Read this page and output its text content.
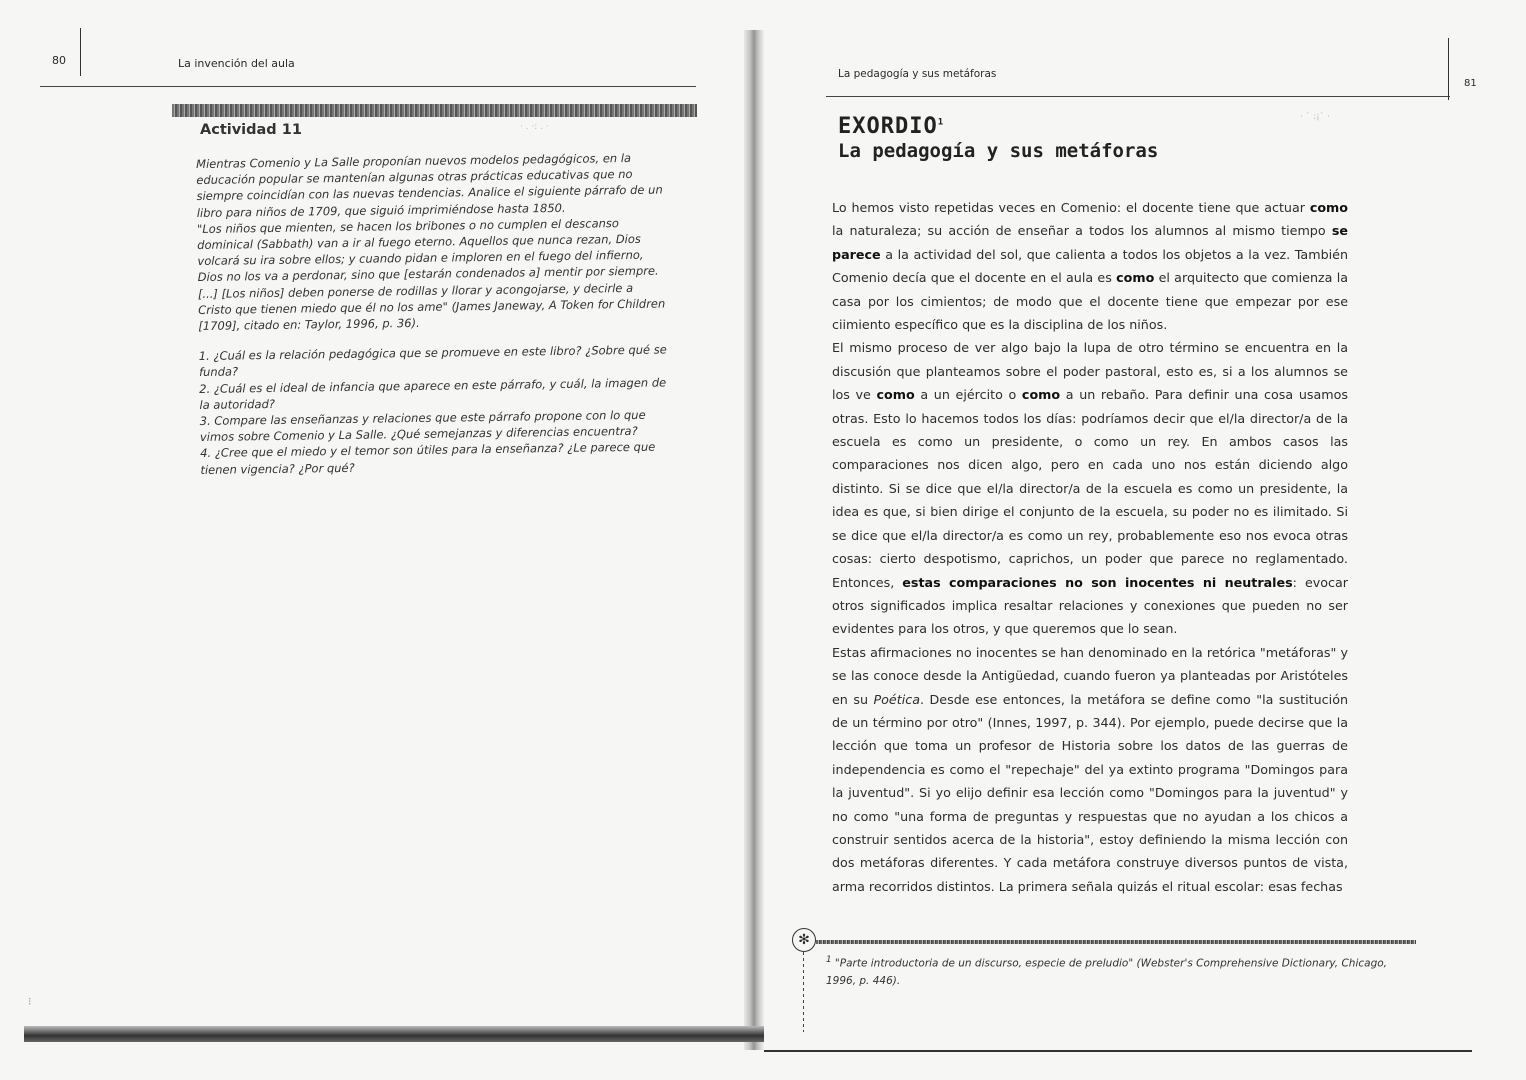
80	La invención del aula
Actividad 11

Mientras Comenio y La Salle proponían nuevos modelos pedagógicos, en la educación popular se mantenían algunas otras prácticas educativas que no siempre coincidían con las nuevas tendencias. Analice el siguiente párrafo de un libro para niños de 1709, que siguió imprimiéndose hasta 1850.

"Los niños que mienten, se hacen los bribones o no cumplen el descanso dominical (Sabbath) van a ir al fuego eterno. Aquellos que nunca rezan, Dios volcará su ira sobre ellos; y cuando pidan e imploren en el fuego del infierno, Dios no los va a perdonar, sino que [estarán condenados a] mentir por siempre. [...] [Los niños] deben ponerse de rodillas y llorar y acongojarse, y decirle a Cristo que tienen miedo que él no los ame" (James Janeway, A Token for Children [1709], citado en: Taylor, 1996, p. 36).

1. ¿Cuál es la relación pedagógica que se promueve en este libro? ¿Sobre qué se funda?

2. ¿Cuál es el ideal de infancia que aparece en este párrafo, y cuál, la imagen de la autoridad?

3. Compare las enseñanzas y relaciones que este párrafo propone con lo que vimos sobre Comenio y La Salle. ¿Qué semejanzas y diferencias encuentra?

4. ¿Cree que el miedo y el temor son útiles para la enseñanza? ¿Le parece que tienen vigencia? ¿Por qué?

⁝
La pedagogía y sus metáforas
81
EXORDIO$^1$
La pedagogía y sus metáforas

Lo hemos visto repetidas veces en Comenio: el docente tiene que actuar como la naturaleza; su acción de enseñar a todos los alumnos al mismo tiempo se parece a la actividad del sol, que calienta a todos los objetos a la vez. También Comenio decía que el docente en el aula es como el arquitecto que comienza la casa por los cimientos; de modo que el docente tiene que empezar por ese ciimiento específico que es la disciplina de los niños.

El mismo proceso de ver algo bajo la lupa de otro término se encuentra en la discusión que planteamos sobre el poder pastoral, esto es, si a los alumnos se los ve como a un ejército o como a un rebaño. Para definir una cosa usamos otras. Esto lo hacemos todos los días: podríamos decir que el/la director/a de la escuela es como un presidente, o como un rey. En ambos casos las comparaciones nos dicen algo, pero en cada uno nos están diciendo algo distinto. Si se dice que el/la director/a de la escuela es como un presidente, la idea es que, si bien dirige el conjunto de la escuela, su poder no es ilimitado. Si se dice que el/la director/a es como un rey, probablemente eso nos evoca otras cosas: cierto despotismo, caprichos, un poder que parece no reglamentado. Entonces, estas comparaciones no son inocentes ni neutrales: evocar otros significados implica resaltar relaciones y conexiones que pueden no ser evidentes para los otros, y que queremos que lo sean.

Estas afirmaciones no inocentes se han denominado en la retórica "metáforas" y se las conoce desde la Antigüedad, cuando fueron ya planteadas por Aristóteles en su Poética. Desde ese entonces, la metáfora se define como "la sustitución de un término por otro" (Innes, 1997, p. 344). Por ejemplo, puede decirse que la lección que toma un profesor de Historia sobre los datos de las guerras de independencia es como el "repechaje" del ya extinto programa "Domingos para la juventud". Si yo elijo definir esa lección como "Domingos para la juventud" y no como "una forma de preguntas y respuestas que no ayudan a los chicos a construir sentidos acerca de la historia", estoy definiendo la misma lección con dos metáforas diferentes. Y cada metáfora construye diversos puntos de vista, arma recorridos distintos. La primera señala quizás el ritual escolar: esas fechas

✻
$^1$ "Parte introductoria de un discurso, especie de preludio" (Webster's Comprehensive Dictionary, Chicago, 1996, p. 446).
· ` :¡` ·
· . ·: . ·
